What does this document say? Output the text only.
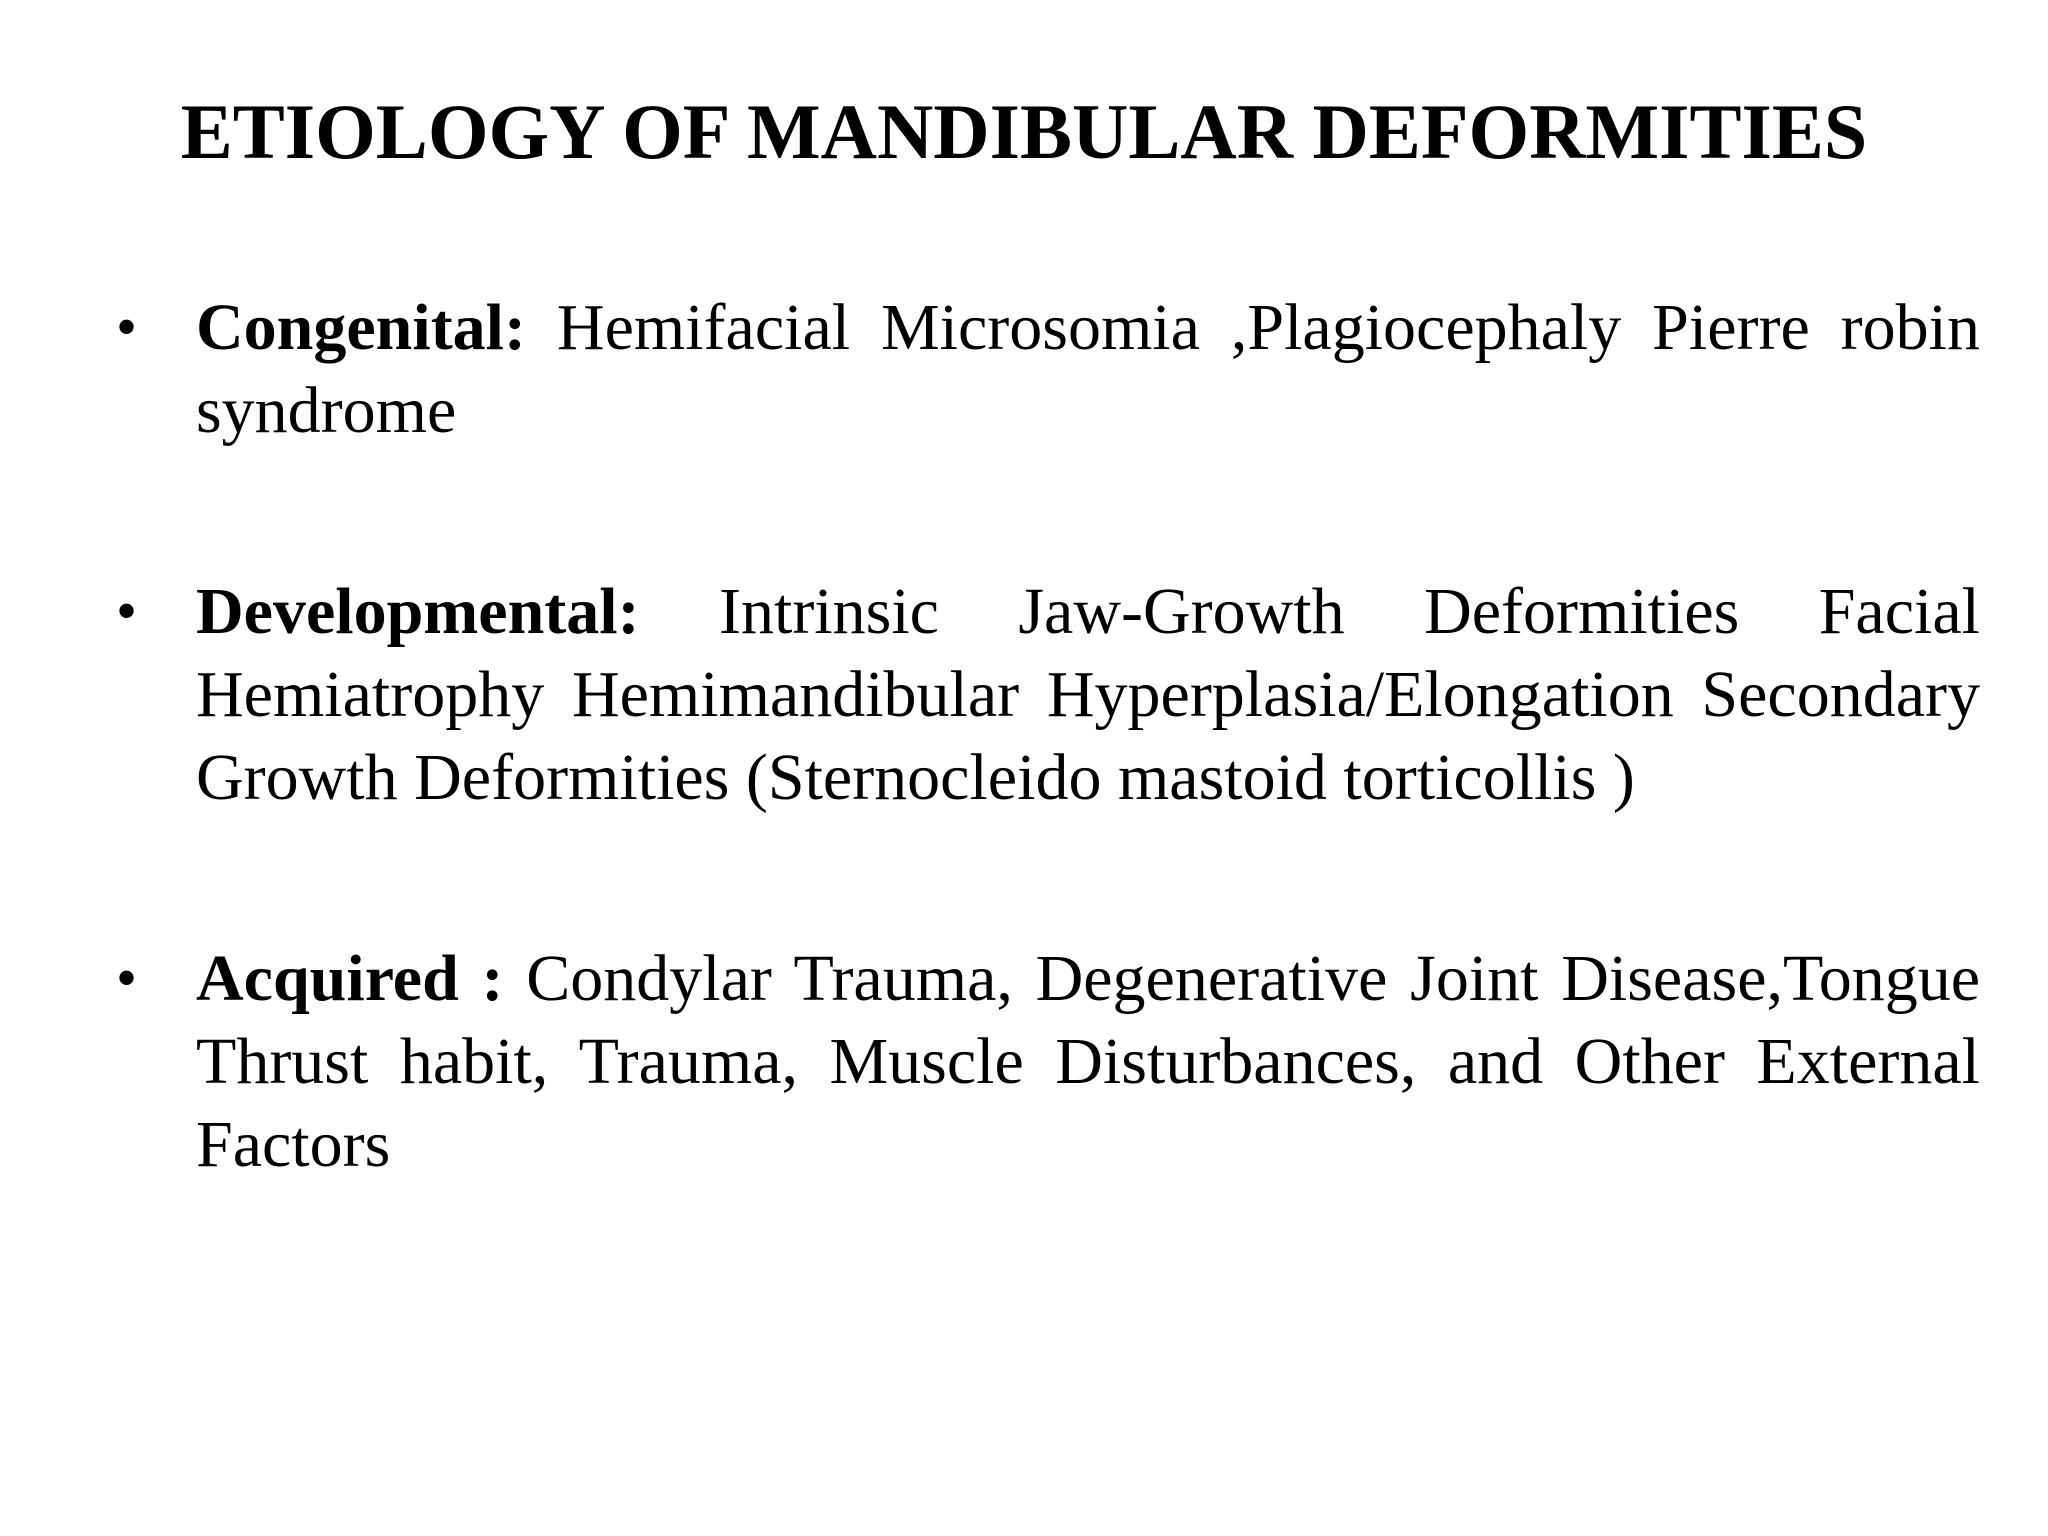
ETIOLOGY OF MANDIBULAR DEFORMITIES
• Congenital: Hemifacial Microsomia ,Plagiocephaly Pierre robin syndrome
• Developmental: Intrinsic Jaw-Growth Deformities Facial Hemiatrophy Hemimandibular Hyperplasia/Elongation Secondary Growth Deformities (Sternocleido mastoid torticollis )
• Acquired : Condylar Trauma, Degenerative Joint Disease,Tongue Thrust habit, Trauma, Muscle Disturbances, and Other External Factors
